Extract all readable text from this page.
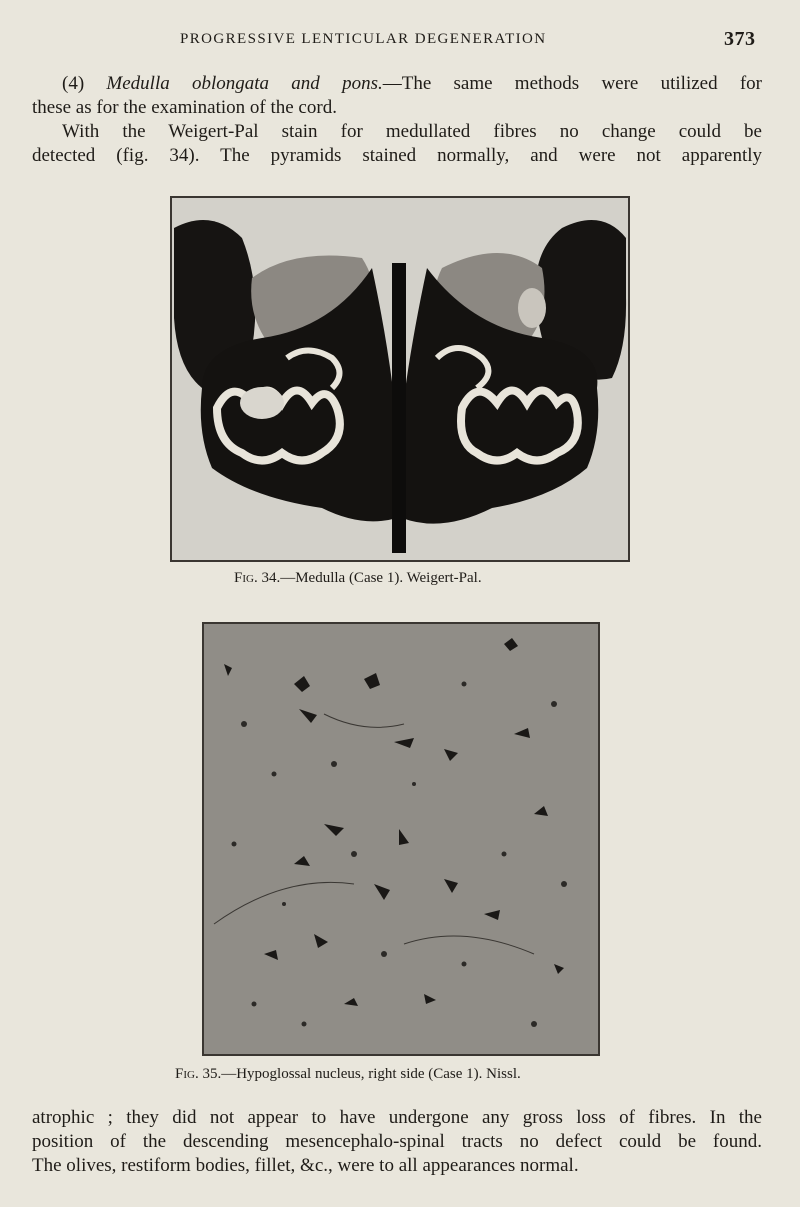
PROGRESSIVE LENTICULAR DEGENERATION	373

(4) Medulla oblongata and pons.—The same methods were utilized for
these as for the examination of the cord.

With the Weigert-Pal stain for medullated fibres no change could be
detected (fig. 34). The pyramids stained normally, and were not apparently

Fig. 34.—Medulla (Case 1). Weigert-Pal.
Fig. 35.—Hypoglossal nucleus, right side (Case 1). Nissl.

atrophic ; they did not appear to have undergone any gross loss of fibres. In the
position of the descending mesencephalo-spinal tracts no defect could be found.
The olives, restiform bodies, fillet, &c., were to all appearances normal.
